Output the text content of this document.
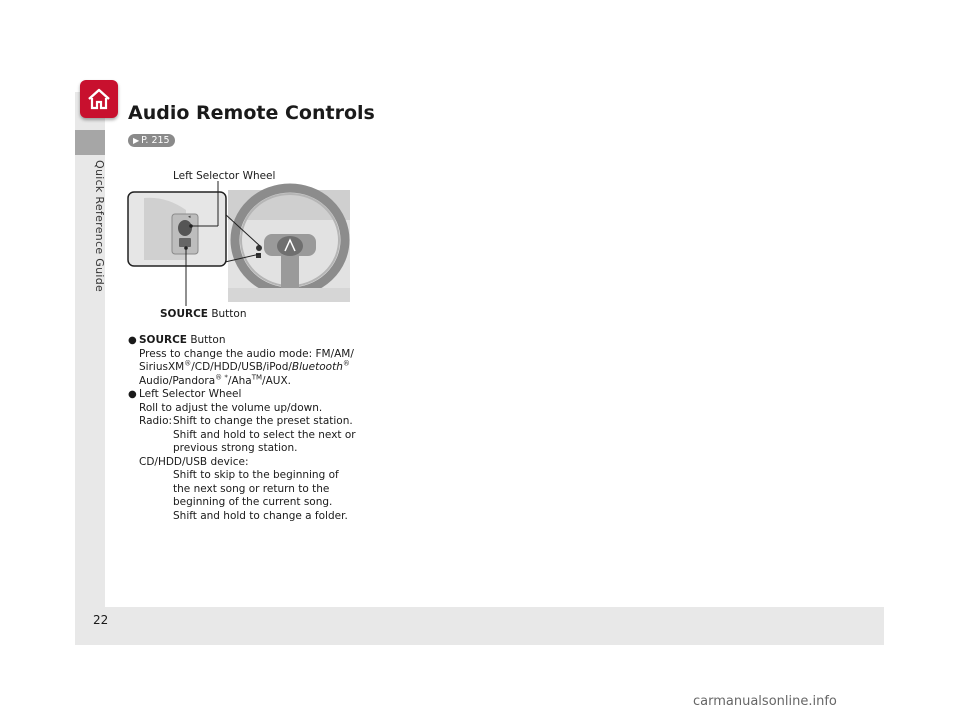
Quick Reference Guide
Audio Remote Controls
▶ P. 215
Left Selector Wheel
◂
SOURCE Button
● SOURCE Button
Press to change the audio mode: FM/AM/
SiriusXM®/CD/HDD/USB/iPod/Bluetooth®
Audio/Pandora® */Aha™/AUX.
● Left Selector Wheel
Roll to adjust the volume up/down.
Radio: Shift to change the preset station.
Shift and hold to select the next or
previous strong station.
CD/HDD/USB device:
Shift to skip to the beginning of
the next song or return to the
beginning of the current song.
Shift and hold to change a folder.
22
carmanualsonline.info
